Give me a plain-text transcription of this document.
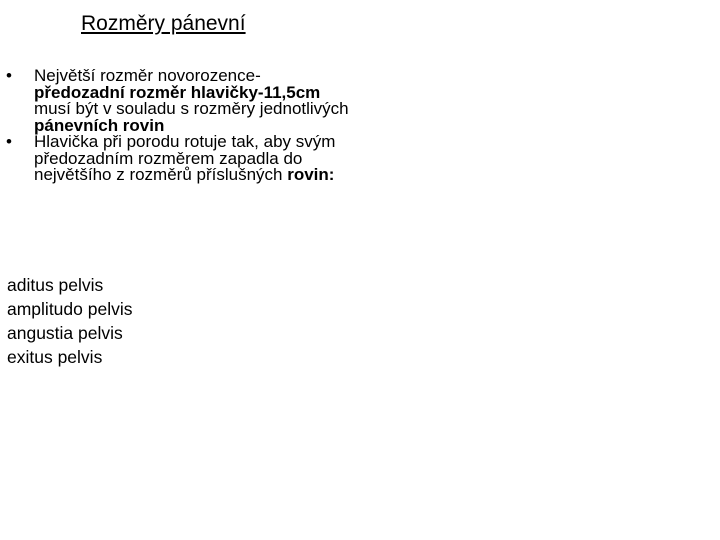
Rozměry pánevní
• Největší rozměr novorozence-předozadní rozměr hlavičky-11,5cm musí být v souladu s rozměry jednotlivých pánevních rovin
• Hlavička při porodu rotuje tak, aby svým předozadním rozměrem zapadla do největšího z rozměrů příslušných rovin:
aditus pelvis
amplitudo pelvis
angustia pelvis
exitus pelvis
